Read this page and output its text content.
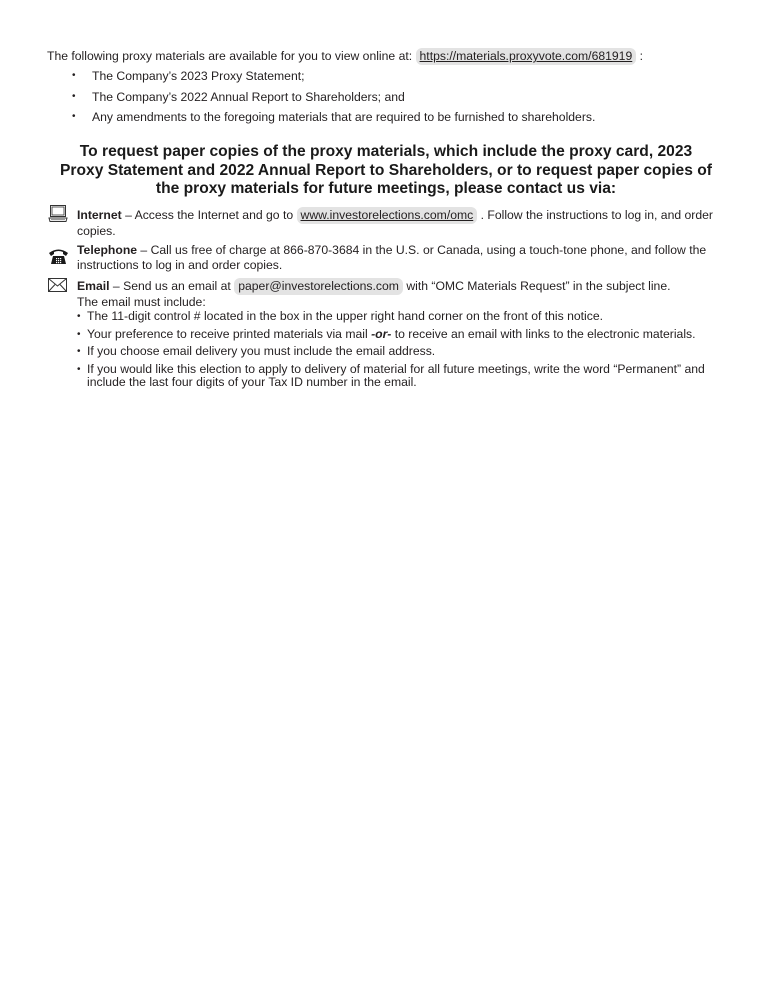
The following proxy materials are available for you to view online at: https://materials.proxyvote.com/681919 :
• The Company’s 2023 Proxy Statement;
• The Company’s 2022 Annual Report to Shareholders; and
• Any amendments to the foregoing materials that are required to be furnished to shareholders.
To request paper copies of the proxy materials, which include the proxy card, 2023 Proxy Statement and 2022 Annual Report to Shareholders, or to request paper copies of the proxy materials for future meetings, please contact us via:
Internet – Access the Internet and go to www.investorelections.com/omc . Follow the instructions to log in, and order copies.
Telephone – Call us free of charge at 866-870-3684 in the U.S. or Canada, using a touch-tone phone, and follow the instructions to log in and order copies.
Email – Send us an email at paper@investorelections.com with “OMC Materials Request” in the subject line.
The email must include:
• The 11-digit control # located in the box in the upper right hand corner on the front of this notice.
• Your preference to receive printed materials via mail -or- to receive an email with links to the electronic materials.
• If you choose email delivery you must include the email address.
• If you would like this election to apply to delivery of material for all future meetings, write the word “Permanent” and include the last four digits of your Tax ID number in the email.
